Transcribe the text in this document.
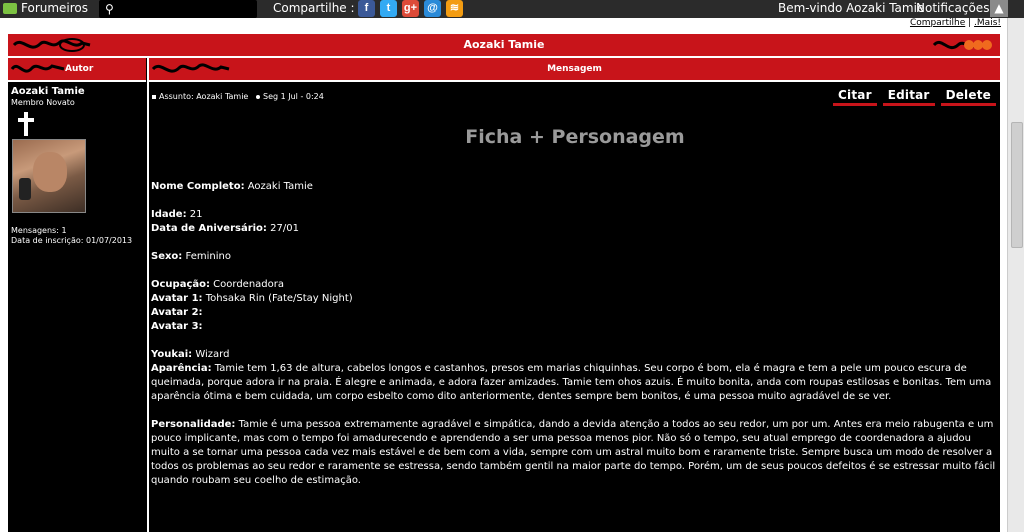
Forumeiros ⚲	Compartilhe : f	t	g+ @	≋	Bem-vindo Aozaki Tamie
Notificações ▲
Compartilhe | .Mais!
Aozaki Tamie
Autor	Mensagem
Aozaki Tamie
Membro Novato
Mensagens: 1
Data de inscrição: 01/07/2013
Assunto: Aozaki Tamie Seg 1 Jul - 0:24	Citar	Editar	Delete
Ficha + Personagem

Nome Completo: Aozaki Tamie

Idade: 21

Data de Aniversário: 27/01

Sexo: Feminino

Ocupação: Coordenadora

Avatar 1: Tohsaka Rin (Fate/Stay Night)

Avatar 2:

Avatar 3:

Youkai: Wizard

Aparência: Tamie tem 1,63 de altura, cabelos longos e castanhos, presos em marias chiquinhas. Seu corpo é bom, ela é magra e tem a pele um pouco escura de queimada, porque adora ir na praia. É alegre e animada, e adora fazer amizades. Tamie tem ohos azuis. É muito bonita, anda com roupas estilosas e bonitas. Tem uma aparência ótima e bem cuidada, um corpo esbelto como dito anteriormente, dentes sempre bem bonitos, é uma pessoa muito agradável de se ver.

Personalidade: Tamie é uma pessoa extremamente agradável e simpática, dando a devida atenção a todos ao seu redor, um por um. Antes era meio rabugenta e um pouco implicante, mas com o tempo foi amadurecendo e aprendendo a ser uma pessoa menos pior. Não só o tempo, seu atual emprego de coordenadora a ajudou muito a se tornar uma pessoa cada vez mais estável e de bem com a vida, sempre com um astral muito bom e raramente triste. Sempre busca um modo de resolver a todos os problemas ao seu redor e raramente se estressa, sendo também gentil na maior parte do tempo. Porém, um de seus poucos defeitos é se estressar muito fácil quando roubam seu coelho de estimação.
